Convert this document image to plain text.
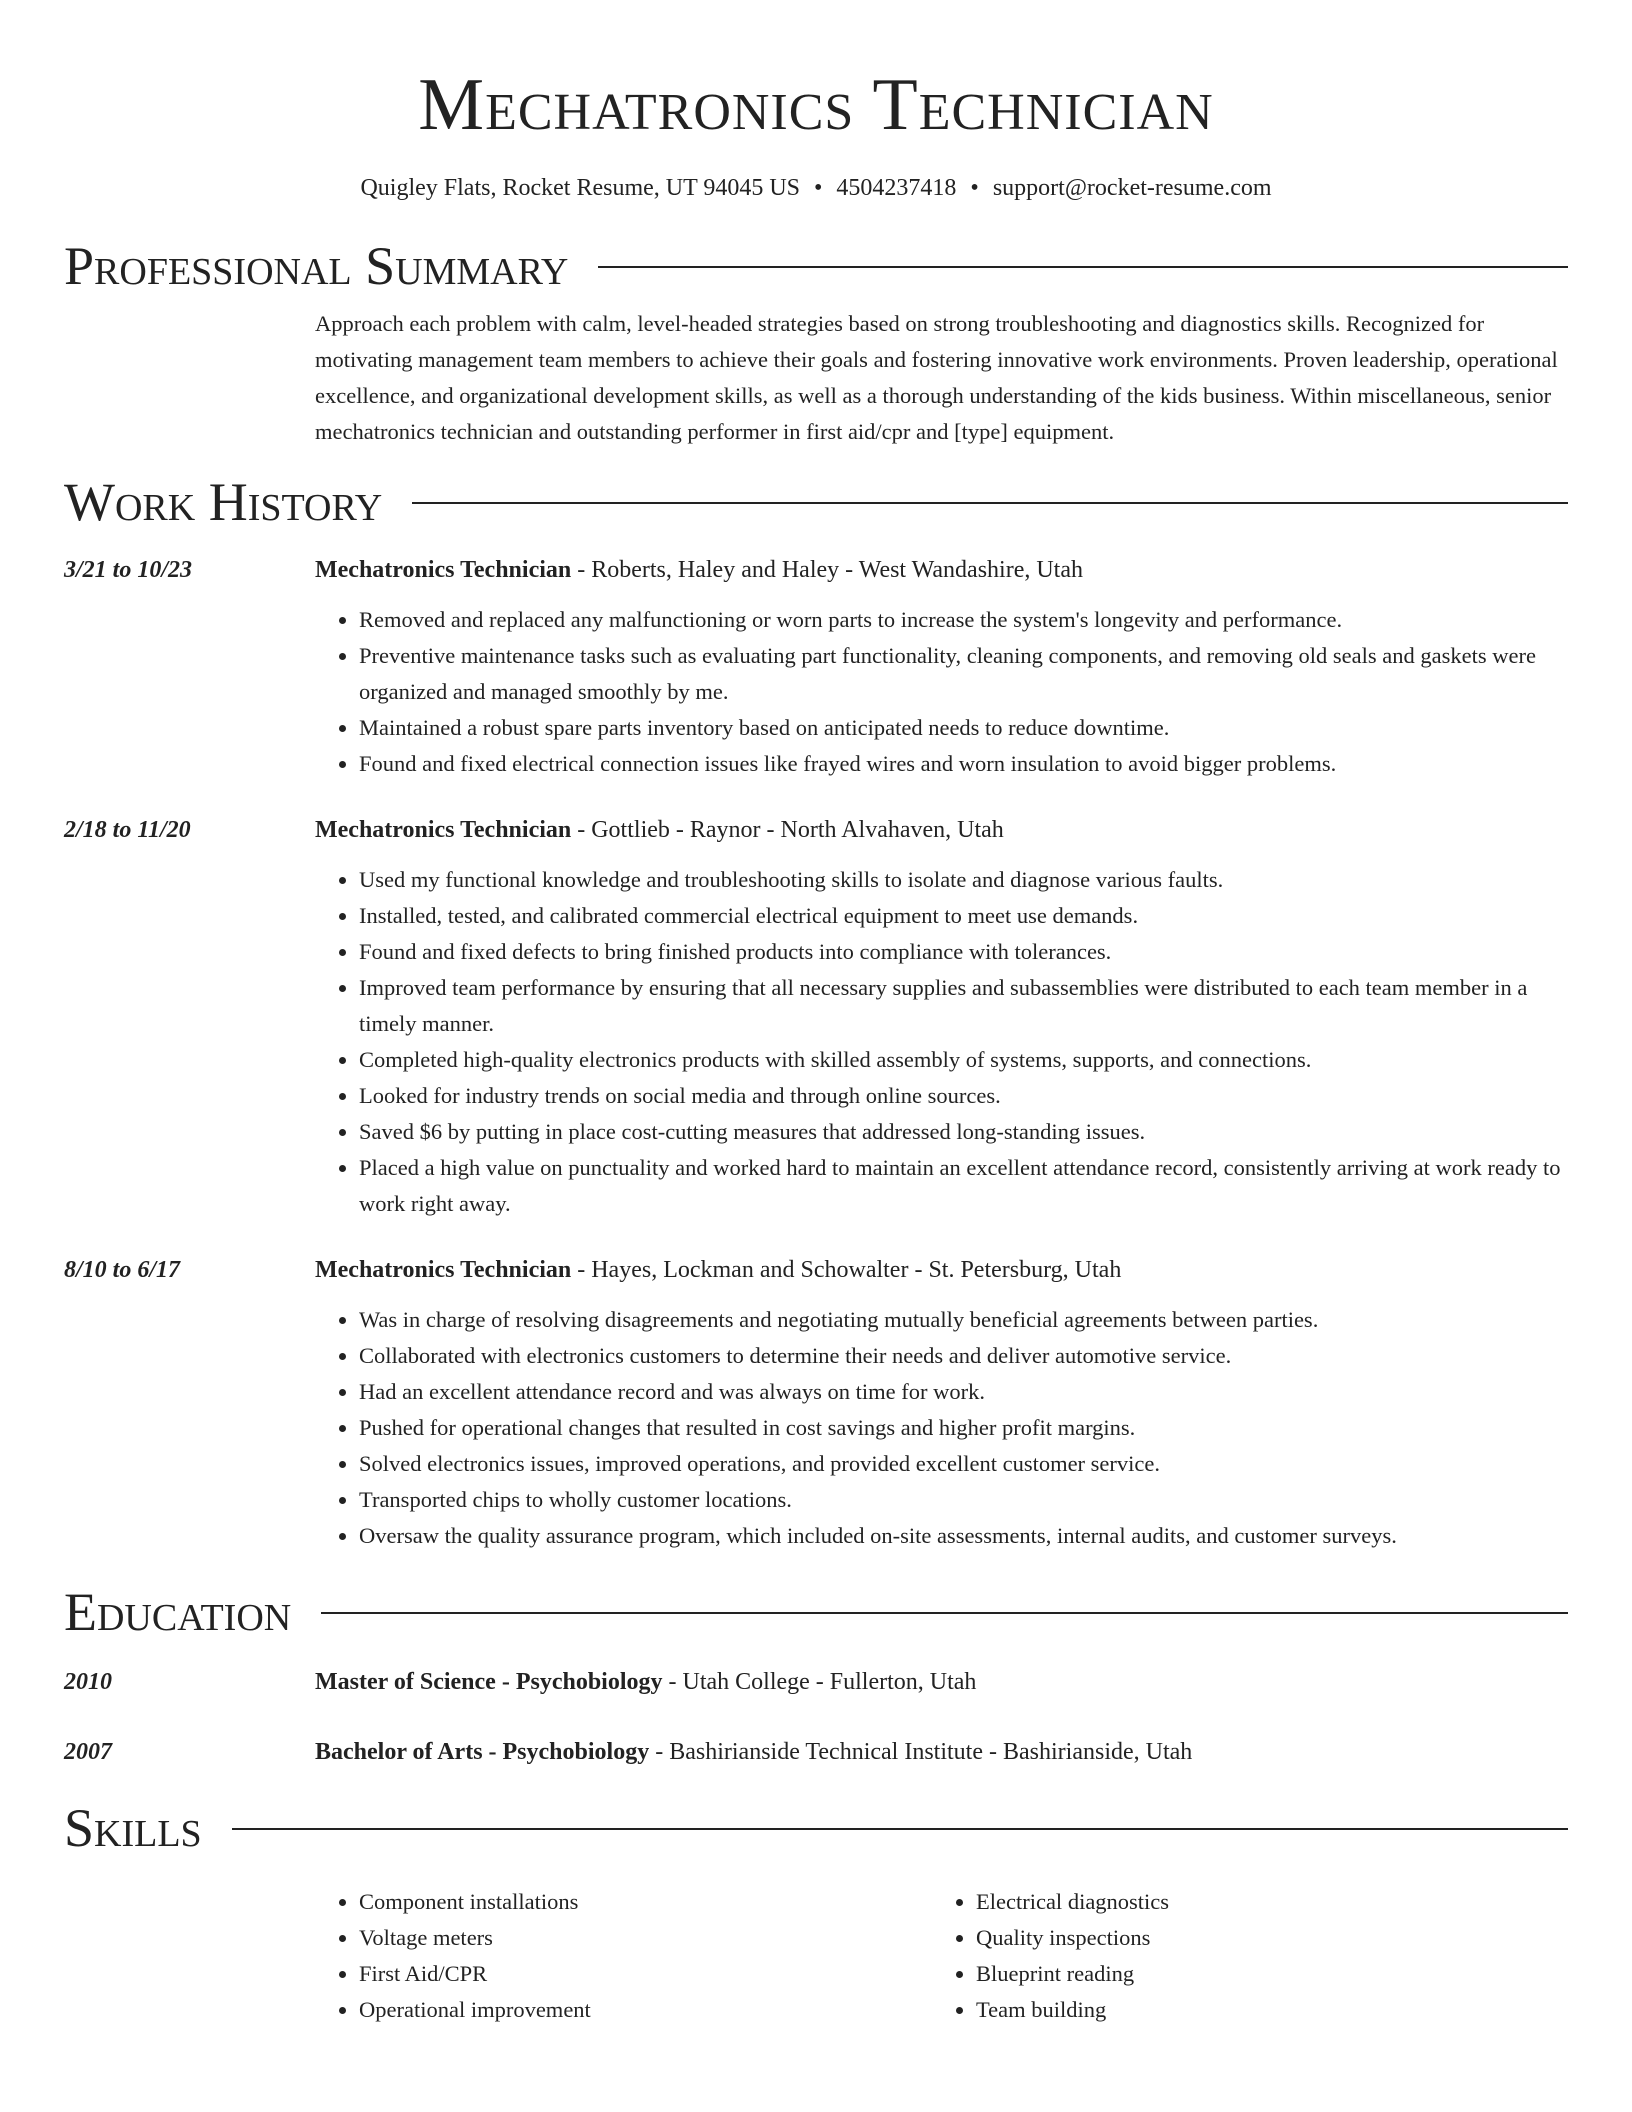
Mechatronics Technician
Quigley Flats, Rocket Resume, UT 94045 US • 4504237418 • support@rocket-resume.com
Professional Summary
Approach each problem with calm, level-headed strategies based on strong troubleshooting and diagnostics skills. Recognized for motivating management team members to achieve their goals and fostering innovative work environments. Proven leadership, operational excellence, and organizational development skills, as well as a thorough understanding of the kids business. Within miscellaneous, senior mechatronics technician and outstanding performer in first aid/cpr and [type] equipment.
Work History
3/21 to 10/23	Mechatronics Technician - Roberts, Haley and Haley - West Wandashire, Utah
• Removed and replaced any malfunctioning or worn parts to increase the system's longevity and performance.
• Preventive maintenance tasks such as evaluating part functionality, cleaning components, and removing old seals and gaskets were organized and managed smoothly by me.
• Maintained a robust spare parts inventory based on anticipated needs to reduce downtime.
• Found and fixed electrical connection issues like frayed wires and worn insulation to avoid bigger problems.
2/18 to 11/20	Mechatronics Technician - Gottlieb - Raynor - North Alvahaven, Utah
• Used my functional knowledge and troubleshooting skills to isolate and diagnose various faults.
• Installed, tested, and calibrated commercial electrical equipment to meet use demands.
• Found and fixed defects to bring finished products into compliance with tolerances.
• Improved team performance by ensuring that all necessary supplies and subassemblies were distributed to each team member in a timely manner.
• Completed high-quality electronics products with skilled assembly of systems, supports, and connections.
• Looked for industry trends on social media and through online sources.
• Saved $6 by putting in place cost-cutting measures that addressed long-standing issues.
• Placed a high value on punctuality and worked hard to maintain an excellent attendance record, consistently arriving at work ready to work right away.
8/10 to 6/17	Mechatronics Technician - Hayes, Lockman and Schowalter - St. Petersburg, Utah
• Was in charge of resolving disagreements and negotiating mutually beneficial agreements between parties.
• Collaborated with electronics customers to determine their needs and deliver automotive service.
• Had an excellent attendance record and was always on time for work.
• Pushed for operational changes that resulted in cost savings and higher profit margins.
• Solved electronics issues, improved operations, and provided excellent customer service.
• Transported chips to wholly customer locations.
• Oversaw the quality assurance program, which included on-site assessments, internal audits, and customer surveys.
Education
2010	Master of Science - Psychobiology - Utah College - Fullerton, Utah
2007	Bachelor of Arts - Psychobiology - Bashirianside Technical Institute - Bashirianside, Utah
Skills
• Component installations
• Voltage meters
• First Aid/CPR
• Operational improvement
• Electrical diagnostics
• Quality inspections
• Blueprint reading
• Team building
